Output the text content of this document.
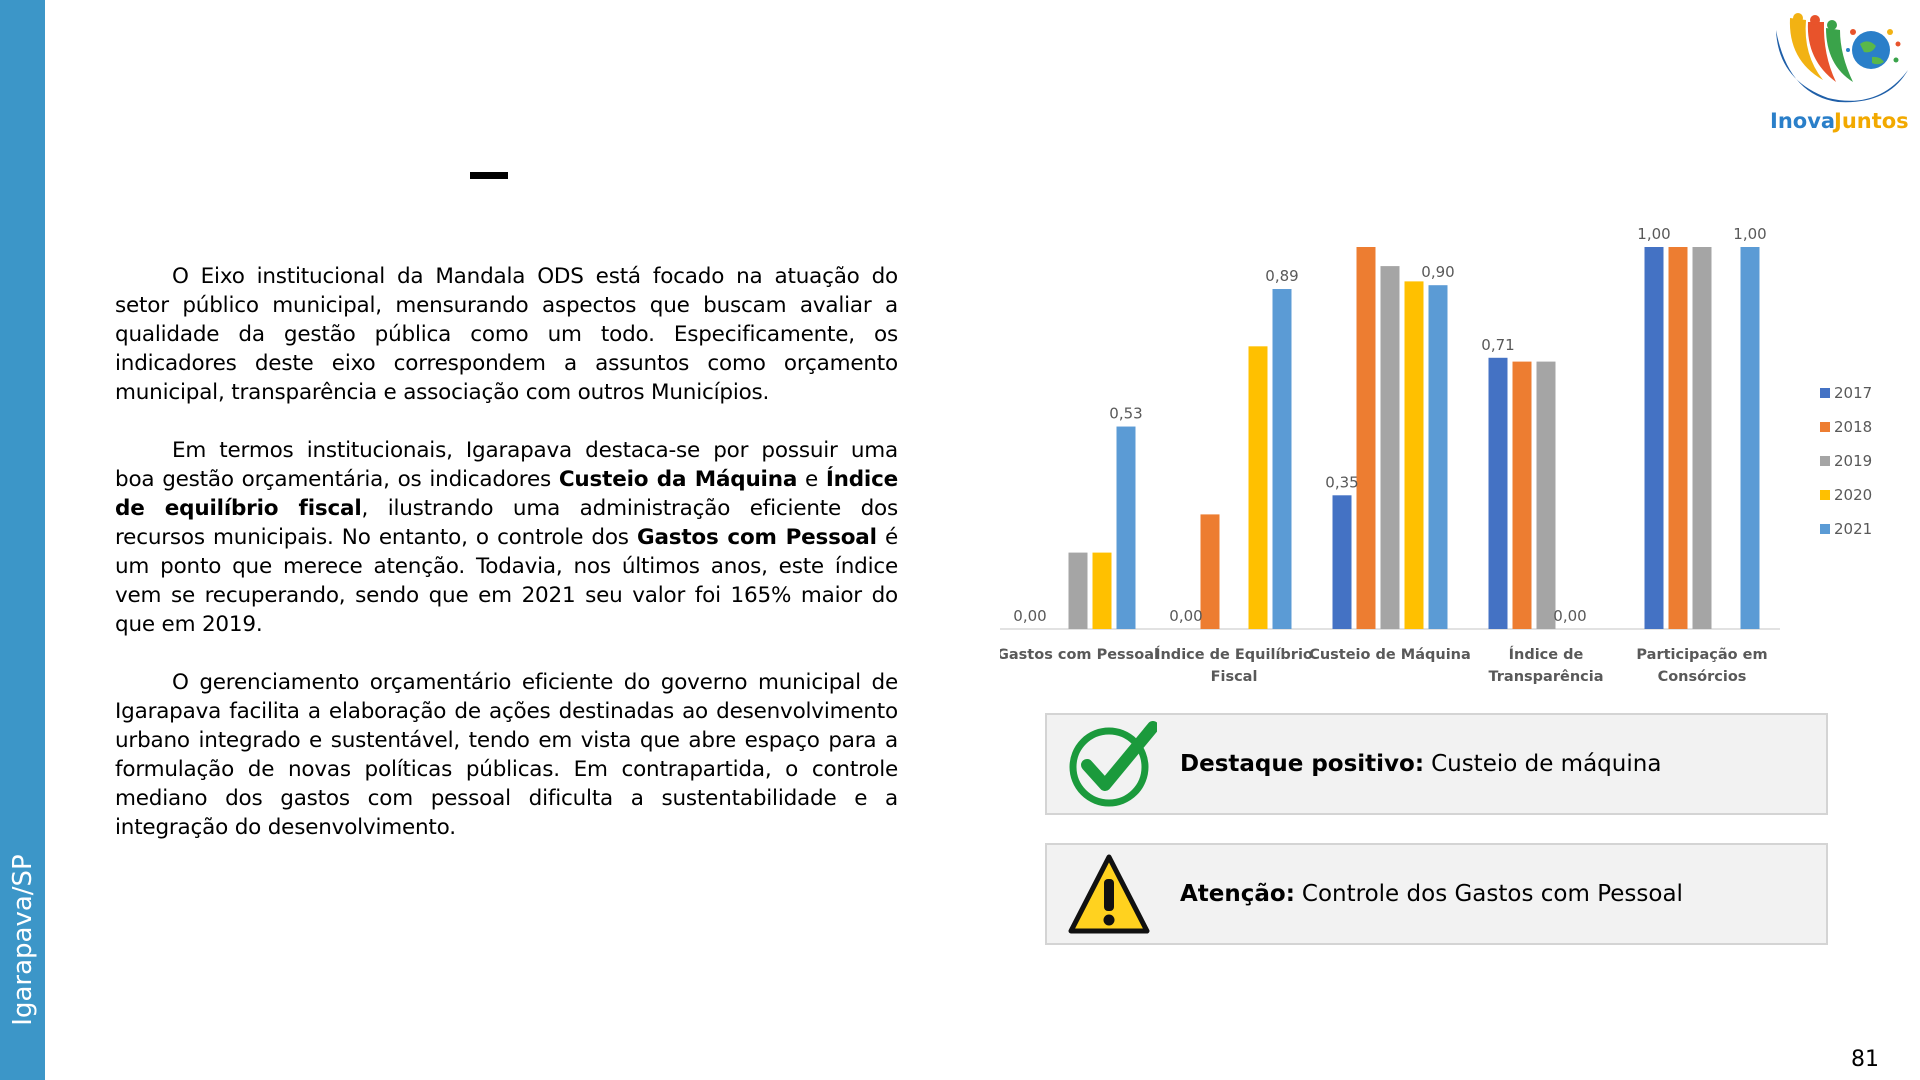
Igarapava/SP
Inova
Juntos

O Eixo institucional da Mandala ODS está focado na atuação do setor público municipal, mensurando aspectos que buscam avaliar a qualidade da gestão pública como um todo. Especificamente, os indicadores deste eixo correspondem a assuntos como orçamento municipal, transparência e associação com outros Municípios.

Em termos institucionais, Igarapava destaca-se por possuir uma boa gestão orçamentária, os indicadores Custeio da Máquina e Índice de equilíbrio fiscal, ilustrando uma administração eficiente dos recursos municipais. No entanto, o controle dos Gastos com Pessoal é um ponto que merece atenção. Todavia, nos últimos anos, este índice vem se recuperando, sendo que em 2021 seu valor foi 165% maior do que em 2019.

O gerenciamento orçamentário eficiente do governo municipal de Igarapava facilita a elaboração de ações destinadas ao desenvolvimento urbano integrado e sustentável, tendo em vista que abre espaço para a formulação de novas políticas públicas. Em contrapartida, o controle mediano dos gastos com pessoal dificulta a sustentabilidade e a integração do desenvolvimento.

0,00
0,53
0,00
0,89
0,35
0,90
0,71
0,00
1,00	1,00
Gastos com Pessoal
Índice de Equilíbrio
Fiscal
Custeio de Máquina	Índice de
Transparência
Participação em
Consórcios
2017
2018
2019
2020
2021
Destaque positivo: Custeio de máquina
Atenção: Controle dos Gastos com Pessoal
81
